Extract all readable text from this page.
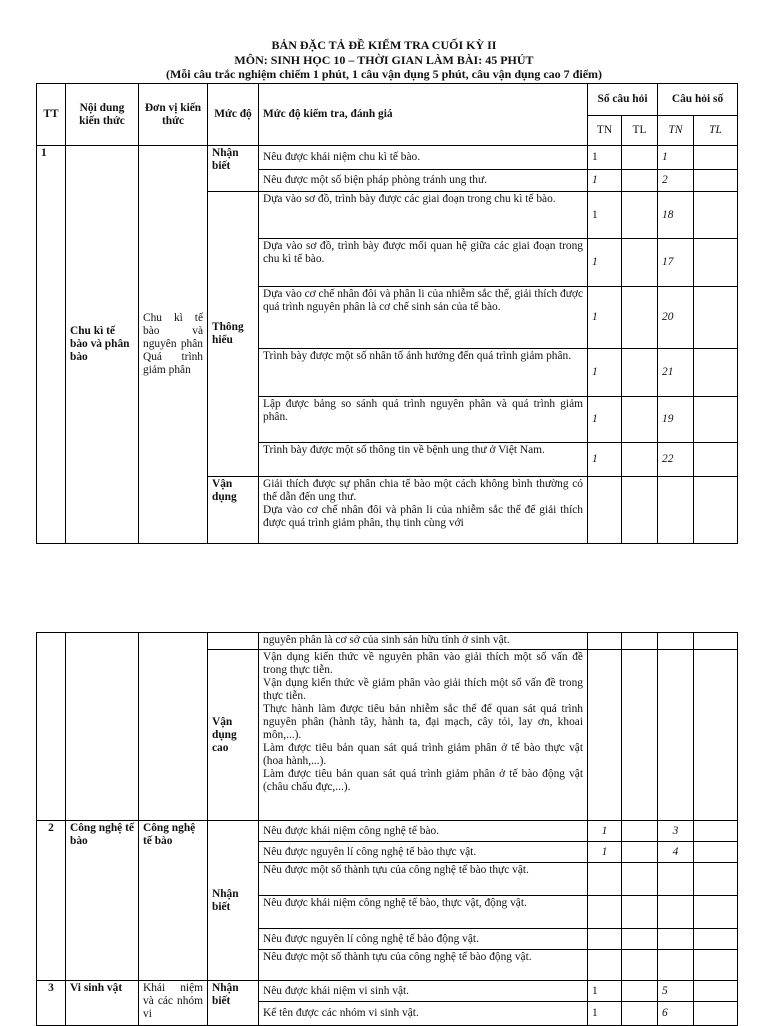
BẢN ĐẶC TẢ ĐỀ KIỂM TRA CUỐI KỲ II
MÔN: SINH HỌC 10 – THỜI GIAN LÀM BÀI: 45 PHÚT
(Mỗi câu trắc nghiệm chiếm 1 phút, 1 câu vận dụng 5 phút, câu vận dụng cao 7 điểm)
TT	Nội dung kiến thức	Đơn vị kiến thức	Mức độ	Mức độ kiểm tra, đánh giá	Số câu hỏi		Câu hỏi số	
					TN	TL	TN	TL
1	Chu kì tế bào và phân bào	Chu kì tế bào và nguyên phân Quá trình giảm phân	Nhận biết	Nêu được khái niệm chu kì tế bào.	1		1	
				Nêu được một số biện pháp phòng tránh ung thư.	1		2	
			Thông hiểu	Dựa vào sơ đồ, trình bày được các giai đoạn trong chu kì tế bào.	1		18	
				Dựa vào sơ đồ, trình bày được mối quan hệ giữa các giai đoạn trong chu kì tế bào.	1		17	
				Dựa vào cơ chế nhân đôi và phân li của nhiễm sắc thể, giải thích được quá trình nguyên phân là cơ chế sinh sản của tế bào.	1		20	
				Trình bày được một số nhân tố ảnh hưởng đến quá trình giảm phân.	1		21	
				Lập được bảng so sánh quá trình nguyên phân và quá trình giảm phân.	1		19	
				Trình bày được một số thông tin về bệnh ung thư ở Việt Nam.	1		22	
			Vận dụng	Giải thích được sự phân chia tế bào một cách không bình thường có thể dẫn đến ung thư.
Dựa vào cơ chế nhân đôi và phân li của nhiễm sắc thể để giải thích được quá trình giảm phân, thụ tinh cùng với				

				nguyên phân là cơ sở của sinh sản hữu tính ở sinh vật.				
			Vận dụng cao	Vận dụng kiến thức về nguyên phân vào giải thích một số vấn đề trong thực tiễn.
Vận dụng kiến thức về giảm phân vào giải thích một số vấn đề trong thực tiễn.
Thực hành làm được tiêu bản nhiễm sắc thể để quan sát quá trình nguyên phân (hành tây, hành ta, đại mạch, cây tỏi, lay ơn, khoai môn,...).
Làm được tiêu bản quan sát quá trình giảm phân ở tế bào thực vật (hoa hành,...).
Làm được tiêu bản quan sát quá trình giảm phân ở tế bào động vật (châu chấu đực,...).				

2	Công nghệ tế bào	Công nghệ tế bào	Nhận biết	Nêu được khái niệm công nghệ tế bào.	1		3	
				Nêu được nguyên lí công nghệ tế bào thực vật.	1		4	
				Nêu được một số thành tựu của công nghệ tế bào thực vật.				
				Nêu được khái niệm công nghệ tế bào, thực vật, động vật.				
				Nêu được nguyên lí công nghệ tế bào động vật.				
				Nêu được một số thành tựu của công nghệ tế bào động vật.				
3	Vi sinh vật	Khái niệm và các nhóm vi	Nhận biết	Nêu được khái niệm vi sinh vật.	1		5	
				Kể tên được các nhóm vi sinh vật.	1		6	
